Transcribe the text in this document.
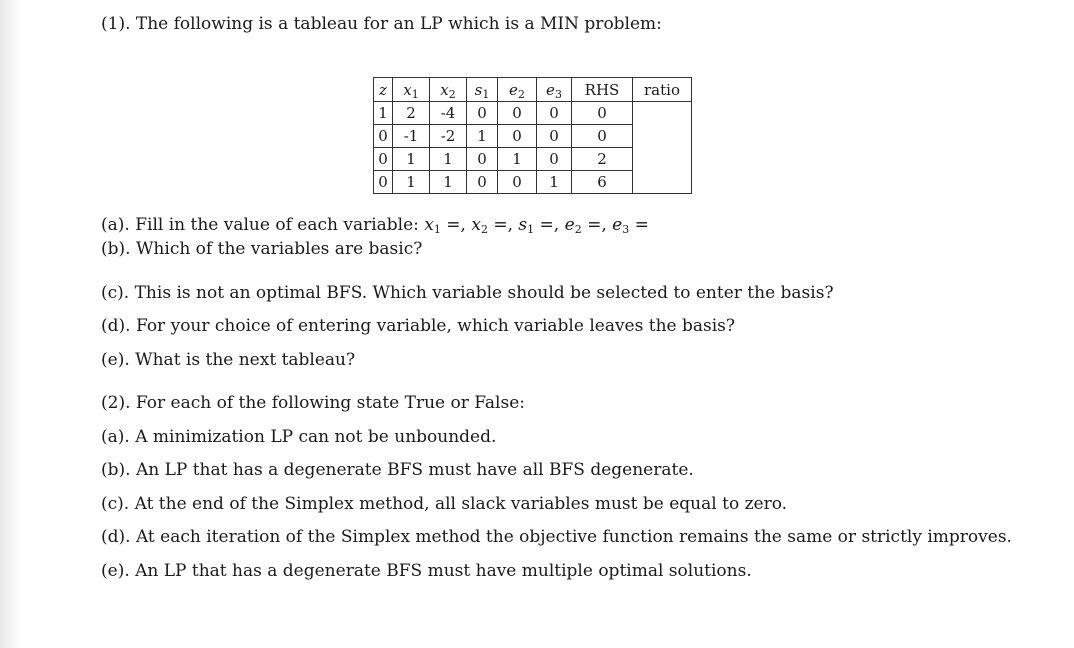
(1). The following is a tableau for an LP which is a MIN problem:
z	$x_1$	$x_2$	$s_1$	$e_2$	$e_3$	RHS	ratio
1	2	-4	0	0	0	0	
0	-1	-2	1	0	0	0	
0	1	1	0	1	0	2	
0	1	1	0	0	1	6	
(a). Fill in the value of each variable: $x_1$ =, $x_2$ =, $s_1$ =, $e_2$ =, $e_3$ =
(b). Which of the variables are basic?
(c). This is not an optimal BFS. Which variable should be selected to enter the basis?
(d). For your choice of entering variable, which variable leaves the basis?
(e). What is the next tableau?
(2). For each of the following state True or False:
(a). A minimization LP can not be unbounded.
(b). An LP that has a degenerate BFS must have all BFS degenerate.
(c). At the end of the Simplex method, all slack variables must be equal to zero.
(d). At each iteration of the Simplex method the objective function remains the same or strictly improves.
(e). An LP that has a degenerate BFS must have multiple optimal solutions.
